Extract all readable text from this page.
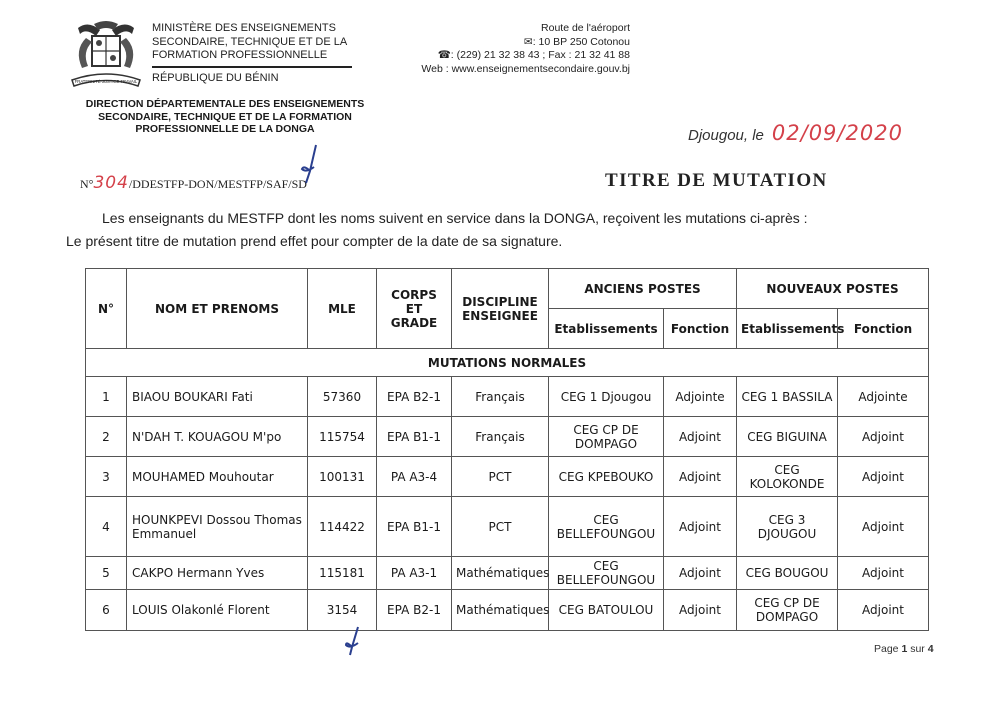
FRATERNITÉ JUSTICE TRAVAIL
MINISTÈRE DES ENSEIGNEMENTS
SECONDAIRE, TECHNIQUE ET DE LA
FORMATION PROFESSIONNELLE
RÉPUBLIQUE DU BÉNIN
Route de l'aéroport
✉: 10 BP 250 Cotonou
☎: (229) 21 32 38 43 ; Fax : 21 32 41 88
Web : www.enseignementsecondaire.gouv.bj
DIRECTION DÉPARTEMENTALE DES ENSEIGNEMENTS
SECONDAIRE, TECHNIQUE ET DE LA FORMATION
PROFESSIONNELLE DE LA DONGA	Djougou, le 02/09/2020
N°304/DDESTFP-DON/MESTFP/SAF/SD	TITRE DE MUTATION
Les enseignants du MESTFP dont les noms suivent en service dans la DONGA, reçoivent les mutations ci-après :
Le présent titre de mutation prend effet pour compter de la date de sa signature.
N°	NOM ET PRENOMS	MLE	CORPS ET GRADE	DISCIPLINE ENSEIGNEE	ANCIENS POSTES		NOUVEAUX POSTES	
					Etablissements	Fonction	Etablissements	Fonction
MUTATIONS NORMALES								
1	BIAOU BOUKARI Fati	57360	EPA B2-1	Français	CEG 1 Djougou	Adjointe	CEG 1 BASSILA	Adjointe
2	N'DAH T. KOUAGOU M'po	115754	EPA B1-1	Français	CEG CP DE DOMPAGO	Adjoint	CEG BIGUINA	Adjoint
3	MOUHAMED Mouhoutar	100131	PA A3-4	PCT	CEG KPEBOUKO	Adjoint	CEG KOLOKONDE	Adjoint
4	HOUNKPEVI Dossou Thomas Emmanuel	114422	EPA B1-1	PCT	CEG BELLEFOUNGOU	Adjoint	CEG 3 DJOUGOU	Adjoint
5	CAKPO Hermann Yves	115181	PA A3-1	Mathématiques	CEG BELLEFOUNGOU	Adjoint	CEG BOUGOU	Adjoint
6	LOUIS Olakonlé Florent	3154	EPA B2-1	Mathématiques	CEG BATOULOU	Adjoint	CEG CP DE DOMPAGO	Adjoint
Page 1 sur 4
